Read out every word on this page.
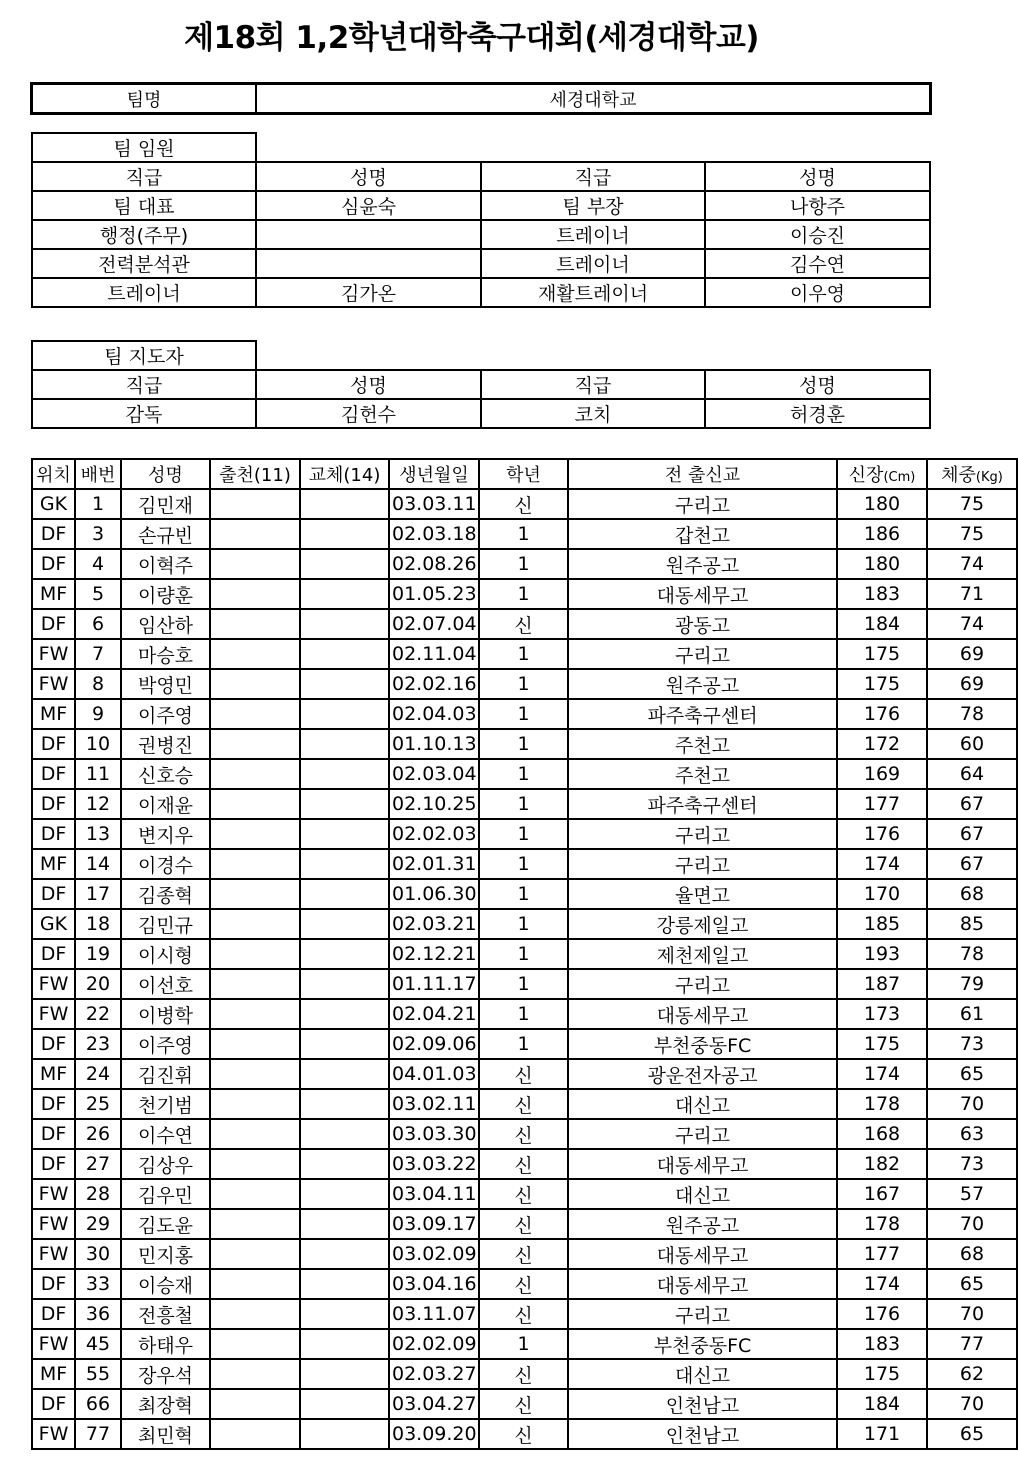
제18회 1,2학년대학축구대회(세경대학교)
팀명	세경대학교
팀 임원			
직급	성명	직급	성명
팀 대표	심윤숙	팀 부장	나항주
행정(주무)		트레이너	이승진
전력분석관		트레이너	김수연
트레이너	김가온	재활트레이너	이우영
팀 지도자			
직급	성명	직급	성명
감독	김헌수	코치	허경훈
위치	배번	성명	출천(11)	교체(14)	생년월일	학년	전 출신교	신장(Cm)	체중(Kg)
GK	1	김민재			03.03.11	신	구리고	180	75
DF	3	손규빈			02.03.18	1	갑천고	186	75
DF	4	이혁주			02.08.26	1	원주공고	180	74
MF	5	이량훈			01.05.23	1	대동세무고	183	71
DF	6	임산하			02.07.04	신	광동고	184	74
FW	7	마승호			02.11.04	1	구리고	175	69
FW	8	박영민			02.02.16	1	원주공고	175	69
MF	9	이주영			02.04.03	1	파주축구센터	176	78
DF	10	권병진			01.10.13	1	주천고	172	60
DF	11	신호승			02.03.04	1	주천고	169	64
DF	12	이재윤			02.10.25	1	파주축구센터	177	67
DF	13	변지우			02.02.03	1	구리고	176	67
MF	14	이경수			02.01.31	1	구리고	174	67
DF	17	김종혁			01.06.30	1	율면고	170	68
GK	18	김민규			02.03.21	1	강릉제일고	185	85
DF	19	이시형			02.12.21	1	제천제일고	193	78
FW	20	이선호			01.11.17	1	구리고	187	79
FW	22	이병학			02.04.21	1	대동세무고	173	61
DF	23	이주영			02.09.06	1	부천중동FC	175	73
MF	24	김진휘			04.01.03	신	광운전자공고	174	65
DF	25	천기범			03.02.11	신	대신고	178	70
DF	26	이수연			03.03.30	신	구리고	168	63
DF	27	김상우			03.03.22	신	대동세무고	182	73
FW	28	김우민			03.04.11	신	대신고	167	57
FW	29	김도윤			03.09.17	신	원주공고	178	70
FW	30	민지홍			03.02.09	신	대동세무고	177	68
DF	33	이승재			03.04.16	신	대동세무고	174	65
DF	36	전흥철			03.11.07	신	구리고	176	70
FW	45	하태우			02.02.09	1	부천중동FC	183	77
MF	55	장우석			02.03.27	신	대신고	175	62
DF	66	최장혁			03.04.27	신	인천남고	184	70
FW	77	최민혁			03.09.20	신	인천남고	171	65
